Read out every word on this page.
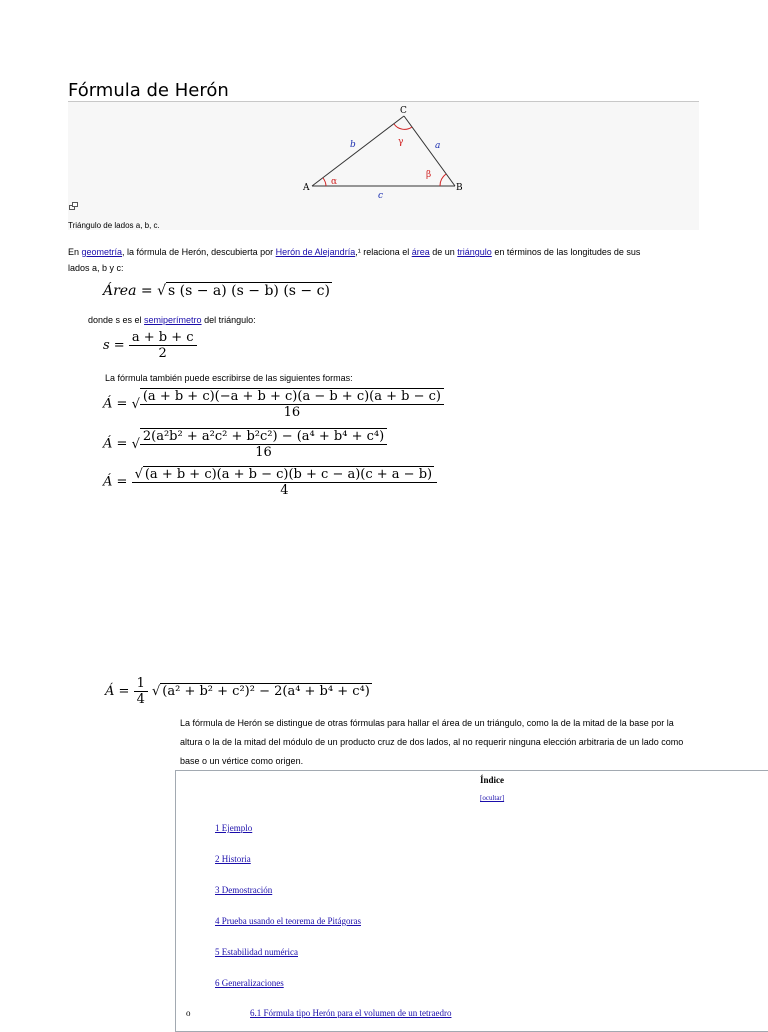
Fórmula de Herón
A	B
C
a
b
c
α
β
γ
Triángulo de lados a, b, c.
En geometría, la fórmula de Herón, descubierta por Herón de Alejandría,¹ relaciona el área de un triángulo en términos de las longitudes de sus
lados a, b y c:
Área = √ s (s − a) (s − b) (s − c)
donde s es el semiperímetro del triángulo:
$s = \frac{a + b + c}{2}$
La fórmula también puede escribirse de las siguientes formas:
Á = √ $\frac{(a + b + c)(-a + b + c)(a - b + c)(a + b - c)}{16}$
Á = √ $\frac{\text{2(a²b² + a²c² + b²c²) − (a⁴ + b⁴ + c⁴)}}{16}$
Á = $\frac{√ (a + b + c)(a + b - c)(b + c - a)(c + a - b)}{4}$
Á = $\frac{1}{4}$ √ (a² + b² + c²)² − 2(a⁴ + b⁴ + c⁴)
La fórmula de Herón se distingue de otras fórmulas para hallar el área de un triángulo, como la de la mitad de la base por la
altura o la de la mitad del módulo de un producto cruz de dos lados, al no requerir ninguna elección arbitraria de un lado como
base o un vértice como origen.
Índice
[ocultar]
1 Ejemplo
2 Historia
3 Demostración
4 Prueba usando el teorema de Pitágoras
5 Estabilidad numérica
6 Generalizaciones
o	6.1 Fórmula tipo Herón para el volumen de un tetraedro
